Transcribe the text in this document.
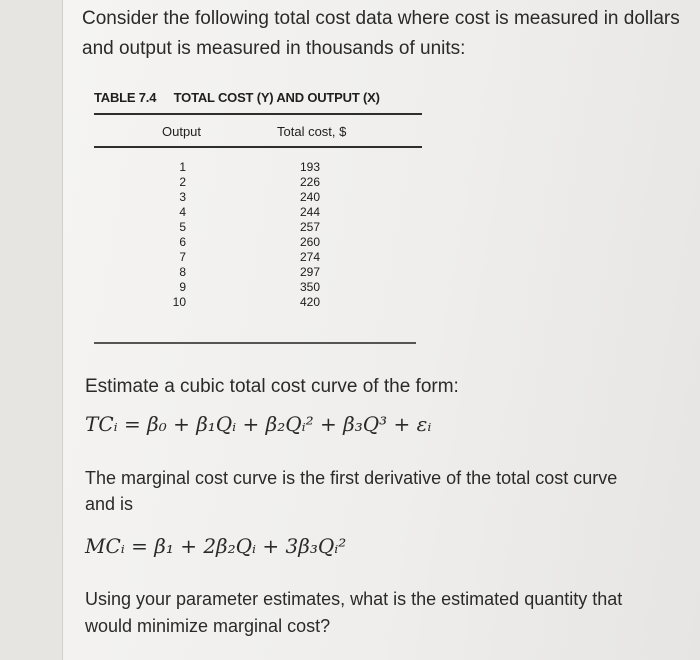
Consider the following total cost data where cost is measured in dollars and output is measured in thousands of units:
TABLE 7.4 TOTAL COST (Y) AND OUTPUT (X)
Output	Total cost, $
1
2
3
4
5
6
7
8
9
10
193
226
240
244
257
260
274
297
350
420
Estimate a cubic total cost curve of the form:
TCᵢ = β₀ + β₁Qᵢ + β₂Qᵢ² + β₃Q³ + εᵢ
The marginal cost curve is the first derivative of the total cost curve and is
MCᵢ = β₁ + 2β₂Qᵢ + 3β₃Qᵢ²
Using your parameter estimates, what is the estimated quantity that would minimize marginal cost?
